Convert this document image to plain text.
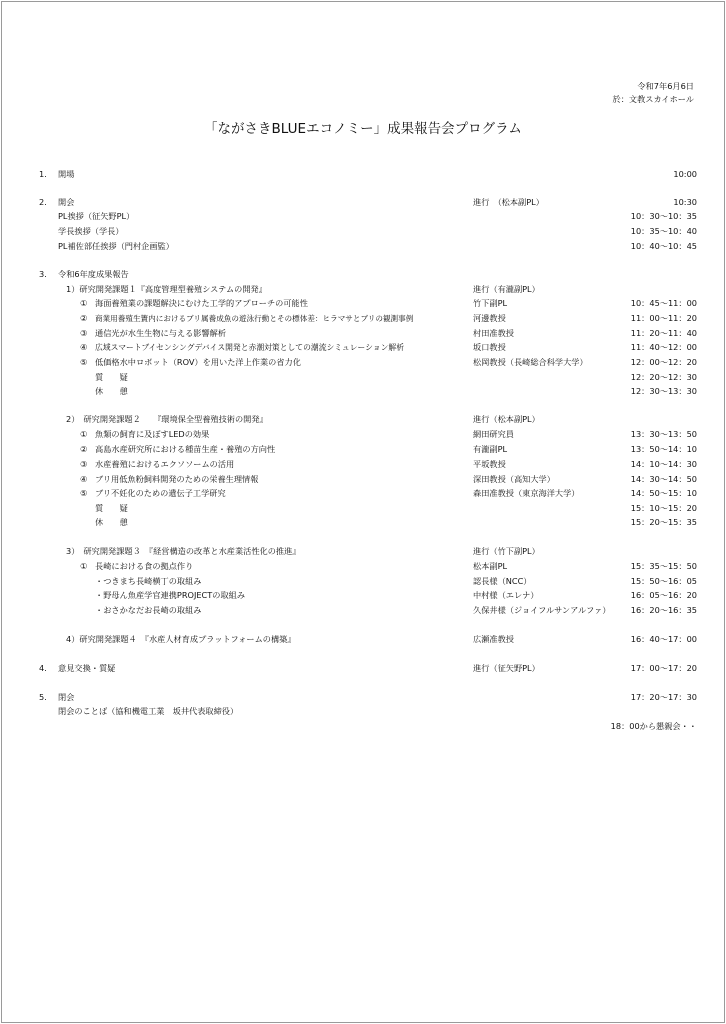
令和7年6月6日
於：文教スカイホール
「ながさきBLUEエコノミー」成果報告会プログラム
1. 開場	10:00
2. 開会	進行　（松本副PL）	10:30
PL挨拶（征矢野PL）	10：30～10：35
学長挨拶（学長）	10：35～10：40
PL補佐部任挨拶（門村企画監）	10：40～10：45
3. 令和6年度成果報告
1）研究開発課題１『高度管理型養殖システムの開発』	進行（有瀧副PL）
① 海面養殖業の課題解決にむけた工学的アプローチの可能性	竹下副PL	10：45～11：00
② 商業用養殖生簀内におけるブリ属養成魚の遊泳行動とその標体差：ヒラマサとブリの観測事例	河邊教授	11：00～11：20
③ 通信光が水生生物に与える影響解析	村田准教授	11：20～11：40
④ 広域スマートブイセンシングデバイス開発と赤潮対策としての潮流シミュレーション解析	坂口教授	11：40～12：00
⑤ 低価格水中ロボット（ROV）を用いた洋上作業の省力化	松岡教授（長崎総合科学大学）	12：00～12：20
質　　疑	12：20～12：30
休　　憩	12：30～13：30
2）　研究開発課題２　　『環境保全型養殖技術の開発』	進行（松本副PL）
① 魚類の飼育に及ぼすLEDの効果	網田研究員	13：30～13：50
② 高島水産研究所における種苗生産・養殖の方向性	有瀧副PL	13：50～14：10
③ 水産養殖におけるエクソソームの活用	平坂教授	14：10～14：30
④ ブリ用低魚粉飼料開発のための栄養生理情報	深田教授（高知大学）	14：30～14：50
⑤ ブリ不妊化のための遺伝子工学研究	森田准教授（東京海洋大学）	14：50～15：10
質　　疑	15：10～15：20
休　　憩	15：20～15：35
3）　研究開発課題３　『経営構造の改革と水産業活性化の推進』	進行（竹下副PL）
① 長崎における食の拠点作り	松本副PL	15：35～15：50
・つきまち長崎横丁の取組み	認長様（NCC）	15：50～16：05
・野母ん魚産学官連携PROJECTの取組み	中村様（エレナ）	16：05～16：20
・おさかなだお長崎の取組み	久保井様（ジョイフルサンアルファ） 16：20～16：35
4）研究開発課題４　『水産人材育成プラットフォームの構築』	広瀬准教授	16：40～17：00
4. 意見交換・質疑	進行（征矢野PL）	17：00～17：20
5. 閉会	17：20～17：30
閉会のことば（協和機電工業　坂井代表取締役）
18：00から懇親会・・
